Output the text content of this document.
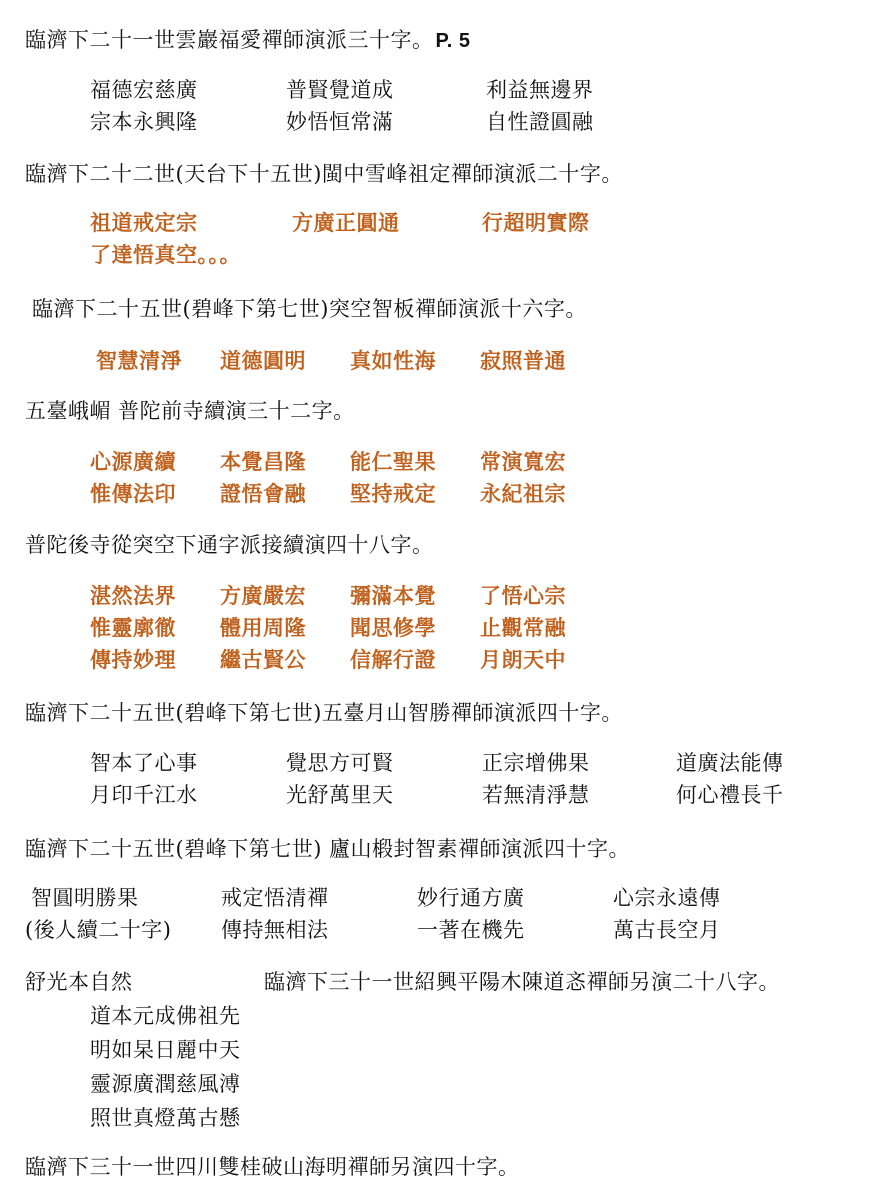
臨濟下二十一世雲巖福愛禪師演派三十字。 P. 5
福德宏慈廣	普賢覺道成	利益無邊界
宗本永興隆	妙悟恒常滿	自性證圓融
臨濟下二十二世(天台下十五世)閩中雪峰祖定禪師演派二十字。
祖道戒定宗	方廣正圓通	行超明實際
了達悟真空。。。
臨濟下二十五世(碧峰下第七世)突空智板禪師演派十六字。
智慧清淨 道德圓明 真如性海 寂照普通
五臺峨嵋 普陀前寺續演三十二字。
心源廣續 本覺昌隆 能仁聖果 常演寬宏
惟傳法印 證悟會融 堅持戒定 永紀祖宗
普陀後寺從突空下通字派接續演四十八字。
湛然法界 方廣嚴宏 彌滿本覺 了悟心宗
惟靈廓徹 體用周隆 聞思修學 止觀常融
傳持妙理 繼古賢公 信解行證 月朗天中
臨濟下二十五世(碧峰下第七世)五臺月山智勝禪師演派四十字。
智本了心事	覺思方可賢	正宗增佛果	道廣法能傳
月印千江水	光舒萬里天	若無清淨慧	何心禮長千
臨濟下二十五世(碧峰下第七世) 廬山椴封智素禪師演派四十字。
智圓明勝果	戒定悟清禪	妙行通方廣	心宗永遠傳
(後人續二十字) 傳持無相法	一著在機先	萬古長空月
舒光本自然	臨濟下三十一世紹興平陽木陳道忞禪師另演二十八字。
道本元成佛祖先
明如杲日麗中天
靈源廣潤慈風溥
照世真燈萬古懸
臨濟下三十一世四川雙桂破山海明禪師另演四十字。
